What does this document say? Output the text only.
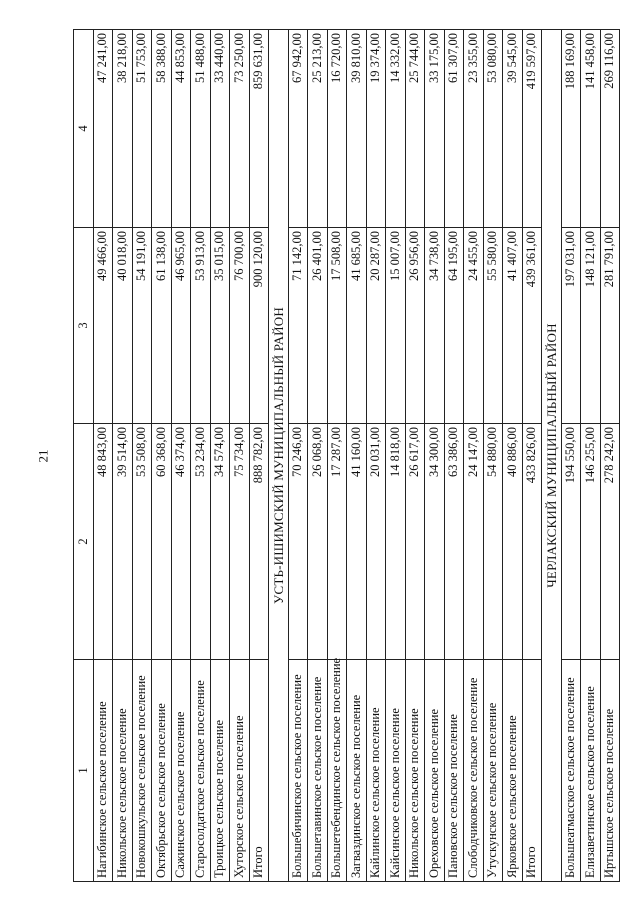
21
1	2	3	4
Нагибинское сельское поселение	48 843,00	49 466,00	47 241,00
Никольское сельское поселение	39 514,00	40 018,00	38 218,00
Новокошкульское сельское поселение	53 508,00	54 191,00	51 753,00
Октябрьское сельское поселение	60 368,00	61 138,00	58 388,00
Сажинское сельское поселение	46 374,00	46 965,00	44 853,00
Старосолдатское сельское поселение	53 234,00	53 913,00	51 488,00
Троицкое сельское поселение	34 574,00	35 015,00	33 440,00
Хуторское сельское поселение	75 734,00	76 700,00	73 250,00
Итого	888 782,00	900 120,00	859 631,00
УСТЬ-ИШИМСКИЙ МУНИЦИПАЛЬНЫЙ РАЙОН			
Большебичинское сельское поселение	70 246,00	71 142,00	67 942,00
Большетавинское сельское поселение	26 068,00	26 401,00	25 213,00
Большетебендинское сельское поселение	17 287,00	17 508,00	16 720,00
Загваздинское сельское поселение	41 160,00	41 685,00	39 810,00
Кайлинское сельское поселение	20 031,00	20 287,00	19 374,00
Кайсинское сельское поселение	14 818,00	15 007,00	14 332,00
Никольское сельское поселение	26 617,00	26 956,00	25 744,00
Ореховское сельское поселение	34 300,00	34 738,00	33 175,00
Пановское сельское поселение	63 386,00	64 195,00	61 307,00
Слободчиковское сельское поселение	24 147,00	24 455,00	23 355,00
Утускунское сельское поселение	54 880,00	55 580,00	53 080,00
Ярковское сельское поселение	40 886,00	41 407,00	39 545,00
Итого	433 826,00	439 361,00	419 597,00
ЧЕРЛАКСКИЙ МУНИЦИПАЛЬНЫЙ РАЙОН			
Большеатмасское сельское поселение	194 550,00	197 031,00	188 169,00
Елизаветинское сельское поселение	146 255,00	148 121,00	141 458,00
Иртышское сельское поселение	278 242,00	281 791,00	269 116,00
